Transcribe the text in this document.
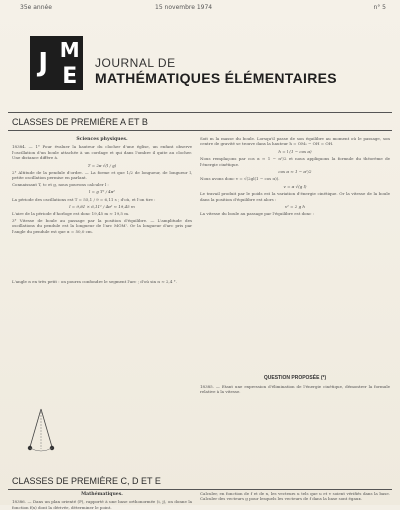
35e année	15 novembre 1974	n° 5
J M
E
JOURNAL DE
MATHÉMATIQUES ÉLÉMENTAIRES
CLASSES DE PREMIÈRE A ET B
Sciences physiques.

18384. — 1° Pour évaluer la hauteur du clocher d'une église, un enfant observe l'oscillation d'un boule attachée à un cordage et qui dans l'ombre il quite au clocher. Une distance diffère à.

T = 2π √(l / g)

2° Altitude de la pendule d'ordre. — La forme et que 1/2 de longueur, de longueur l, petite oscillation permise en parlant.

Connaissant T, tc et g, nous pouvons calculer l :

l = g T² / 4π²

La période des oscillations est T = 55,1 / 9 = 6,11 s ; d'où, et l'on tire :

l = 9,81 × 6,11² / 4π² ≈ 19,45 m

L'aire de la période d'horloge est donc 19,45 m ≈ 19,5 m.

3° Vitesse de boule au passage par la position d'équilibre. — L'amplitude des oscillations du pendule est la longueur de l'arc MOM'. Or la longueur d'arc pris par l'angle du pendule est que α = 50,0 cm.

L'angle α en très petit : on pourra confondre le segment l'arc ; d'où sin α ≈ 2,4 °.

Soit m la masse du boule. Lorsqu'il passe de son équilibre au moment où le passage, son centre de gravité se trouve dans la hauteur h = OM₀ − OH = OH.

h = l (1 − cos α)

Nous remplaçons par cos α ≈ 1 − α²/2 et nous appliquons la formule du théorème de l'énergie cinétique.

cos α ≈ 1 − α²/2

Nous avons donc v = √(2gl(1 − cos α)).

v = α √(g l)

Le travail produit par le poids est la variation d'énergie cinétique. Or la vitesse de la boule dans la position d'équilibre est alors :

v² = 2 g h

La vitesse du boule au passage par l'équilibre est donc :

QUESTION PROPOSÉE (*)

18385. — Etant une expression d'élimination de l'énergie cinétique, démontrer la formule relative à la vitesse.

CLASSES DE PREMIÈRE C, D ET E
Mathématiques.

18386. — Dans un plan orienté (P), rapporté à une base orthonormée (i, j), on donne la fonction f(x) dont la dérivée, déterminer le point.

Calculer, en fonction de f et de x, les vecteurs u tels que u et v soient vérifiés dans la base. Calculer des vecteurs g pour lesquels les vecteurs de f dans la base sont égaux.
